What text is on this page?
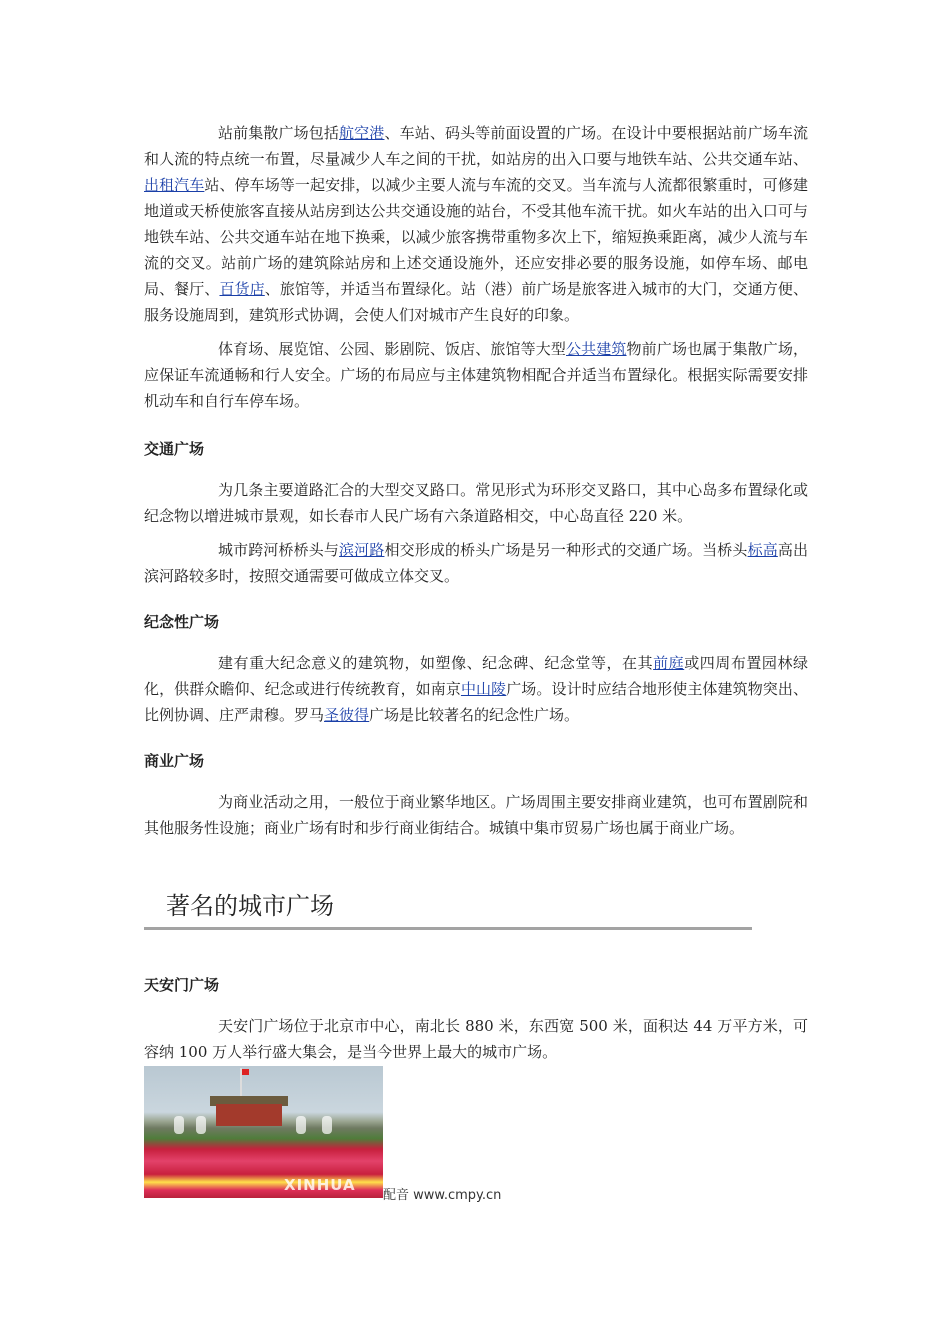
站前集散广场包括航空港、车站、码头等前面设置的广场。在设计中要根据站前广场车流和人流的特点统一布置，尽量减少人车之间的干扰，如站房的出入口要与地铁车站、公共交通车站、出租汽车站、停车场等一起安排，以减少主要人流与车流的交叉。当车流与人流都很繁重时，可修建地道或天桥使旅客直接从站房到达公共交通设施的站台，不受其他车流干扰。如火车站的出入口可与地铁车站、公共交通车站在地下换乘，以减少旅客携带重物多次上下，缩短换乘距离，减少人流与车流的交叉。站前广场的建筑除站房和上述交通设施外，还应安排必要的服务设施，如停车场、邮电局、餐厅、百货店、旅馆等，并适当布置绿化。站（港）前广场是旅客进入城市的大门，交通方便、服务设施周到，建筑形式协调，会使人们对城市产生良好的印象。

体育场、展览馆、公园、影剧院、饭店、旅馆等大型公共建筑物前广场也属于集散广场，应保证车流通畅和行人安全。广场的布局应与主体建筑物相配合并适当布置绿化。根据实际需要安排机动车和自行车停车场。

交通广场

为几条主要道路汇合的大型交叉路口。常见形式为环形交叉路口，其中心岛多布置绿化或纪念物以增进城市景观，如长春市人民广场有六条道路相交，中心岛直径 220 米。

城市跨河桥桥头与滨河路相交形成的桥头广场是另一种形式的交通广场。当桥头标高高出滨河路较多时，按照交通需要可做成立体交叉。

纪念性广场

建有重大纪念意义的建筑物，如塑像、纪念碑、纪念堂等，在其前庭或四周布置园林绿化，供群众瞻仰、纪念或进行传统教育，如南京中山陵广场。设计时应结合地形使主体建筑物突出、比例协调、庄严肃穆。罗马圣彼得广场是比较著名的纪念性广场。

商业广场

为商业活动之用，一般位于商业繁华地区。广场周围主要安排商业建筑，也可布置剧院和其他服务性设施；商业广场有时和步行商业街结合。城镇中集市贸易广场也属于商业广场。

著名的城市广场
天安门广场

天安门广场位于北京市中心，南北长 880 米，东西宽 500 米，面积达 44 万平方米，可容纳 100 万人举行盛大集会，是当今世界上最大的城市广场。

XINHUA
配音 www.cmpy.cn
